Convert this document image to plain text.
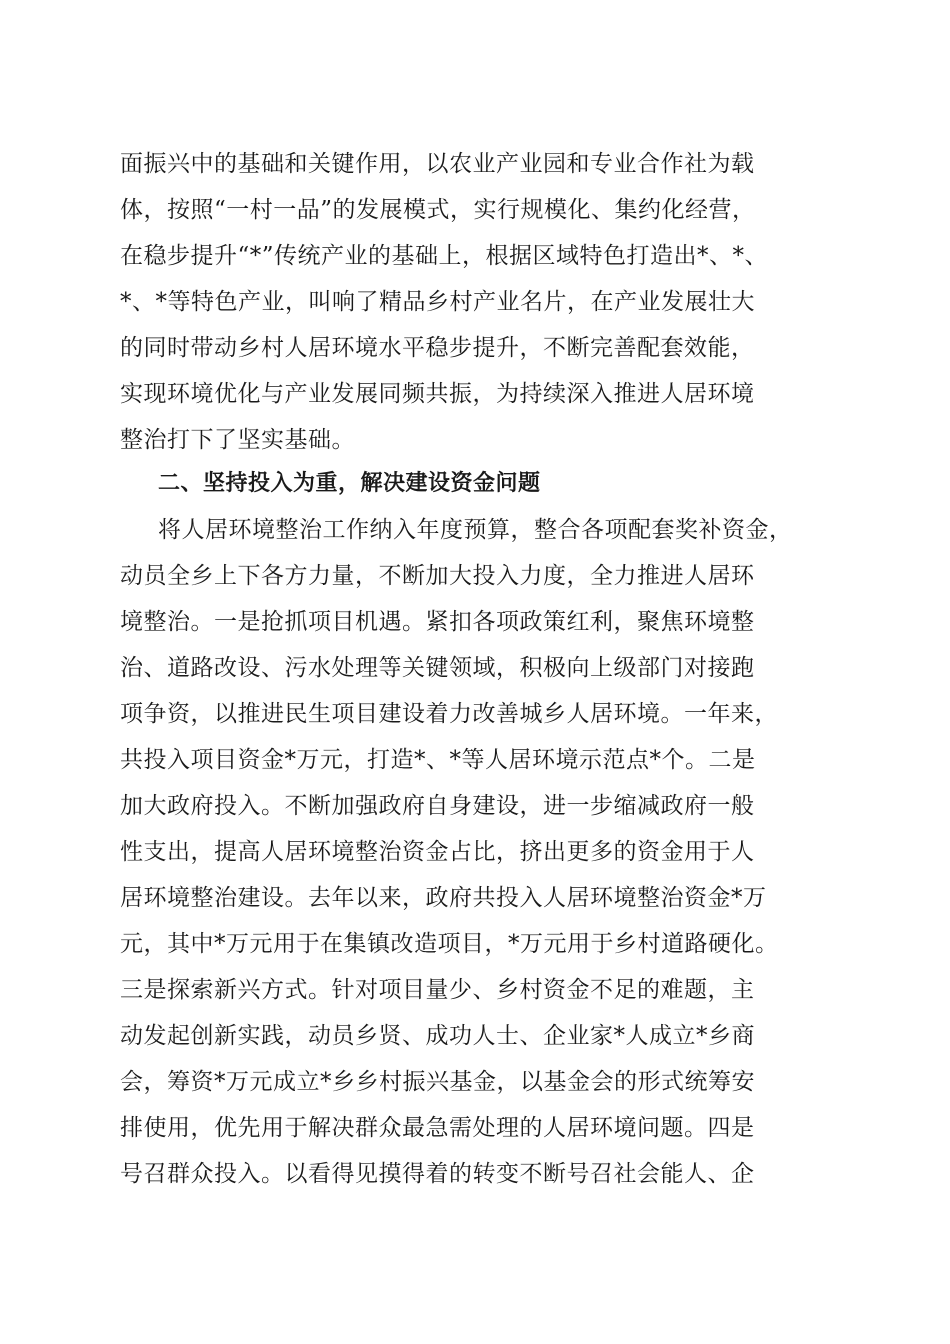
面振兴中的基础和关键作用，以农业产业园和专业合作社为载
体，按照“一村一品”的发展模式，实行规模化、集约化经营，
在稳步提升“*”传统产业的基础上，根据区域特色打造出*、*、
*、*等特色产业，叫响了精品乡村产业名片，在产业发展壮大
的同时带动乡村人居环境水平稳步提升，不断完善配套效能，
实现环境优化与产业发展同频共振，为持续深入推进人居环境
整治打下了坚实基础。
二、坚持投入为重，解决建设资金问题
将人居环境整治工作纳入年度预算，整合各项配套奖补资金，
动员全乡上下各方力量，不断加大投入力度，全力推进人居环
境整治。一是抢抓项目机遇。紧扣各项政策红利，聚焦环境整
治、道路改设、污水处理等关键领域，积极向上级部门对接跑
项争资，以推进民生项目建设着力改善城乡人居环境。一年来，
共投入项目资金*万元，打造*、*等人居环境示范点*个。二是
加大政府投入。不断加强政府自身建设，进一步缩减政府一般
性支出，提高人居环境整治资金占比，挤出更多的资金用于人
居环境整治建设。去年以来，政府共投入人居环境整治资金*万
元，其中*万元用于在集镇改造项目，*万元用于乡村道路硬化。
三是探索新兴方式。针对项目量少、乡村资金不足的难题，主
动发起创新实践，动员乡贤、成功人士、企业家*人成立*乡商
会，筹资*万元成立*乡乡村振兴基金，以基金会的形式统筹安
排使用，优先用于解决群众最急需处理的人居环境问题。四是
号召群众投入。以看得见摸得着的转变不断号召社会能人、企
